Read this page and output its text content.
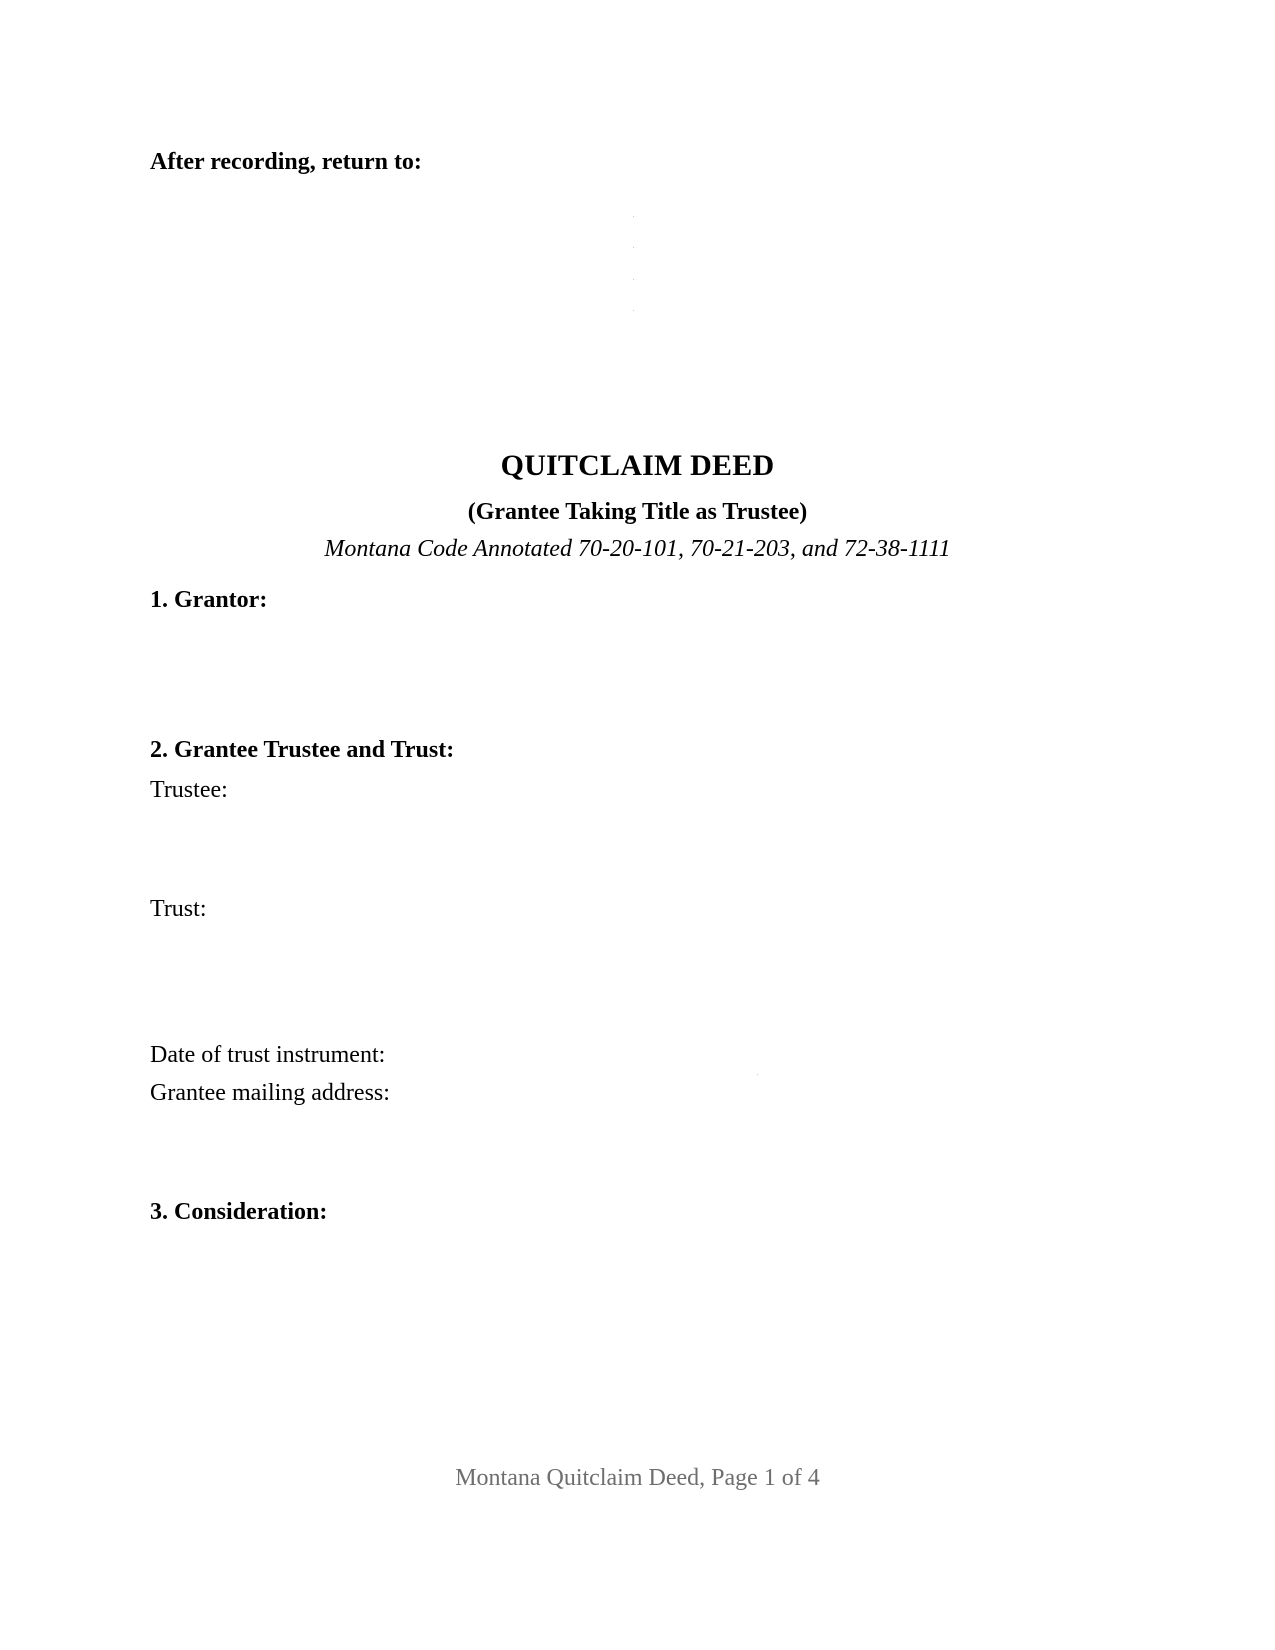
After recording, return to:
QUITCLAIM DEED
(Grantee Taking Title as Trustee)
Montana Code Annotated 70-20-101, 70-21-203, and 72-38-1111
1. Grantor:
2. Grantee Trustee and Trust:
Trustee:
Trust:
Date of trust instrument:
Grantee mailing address:
3. Consideration:
Montana Quitclaim Deed, Page 1 of 4
